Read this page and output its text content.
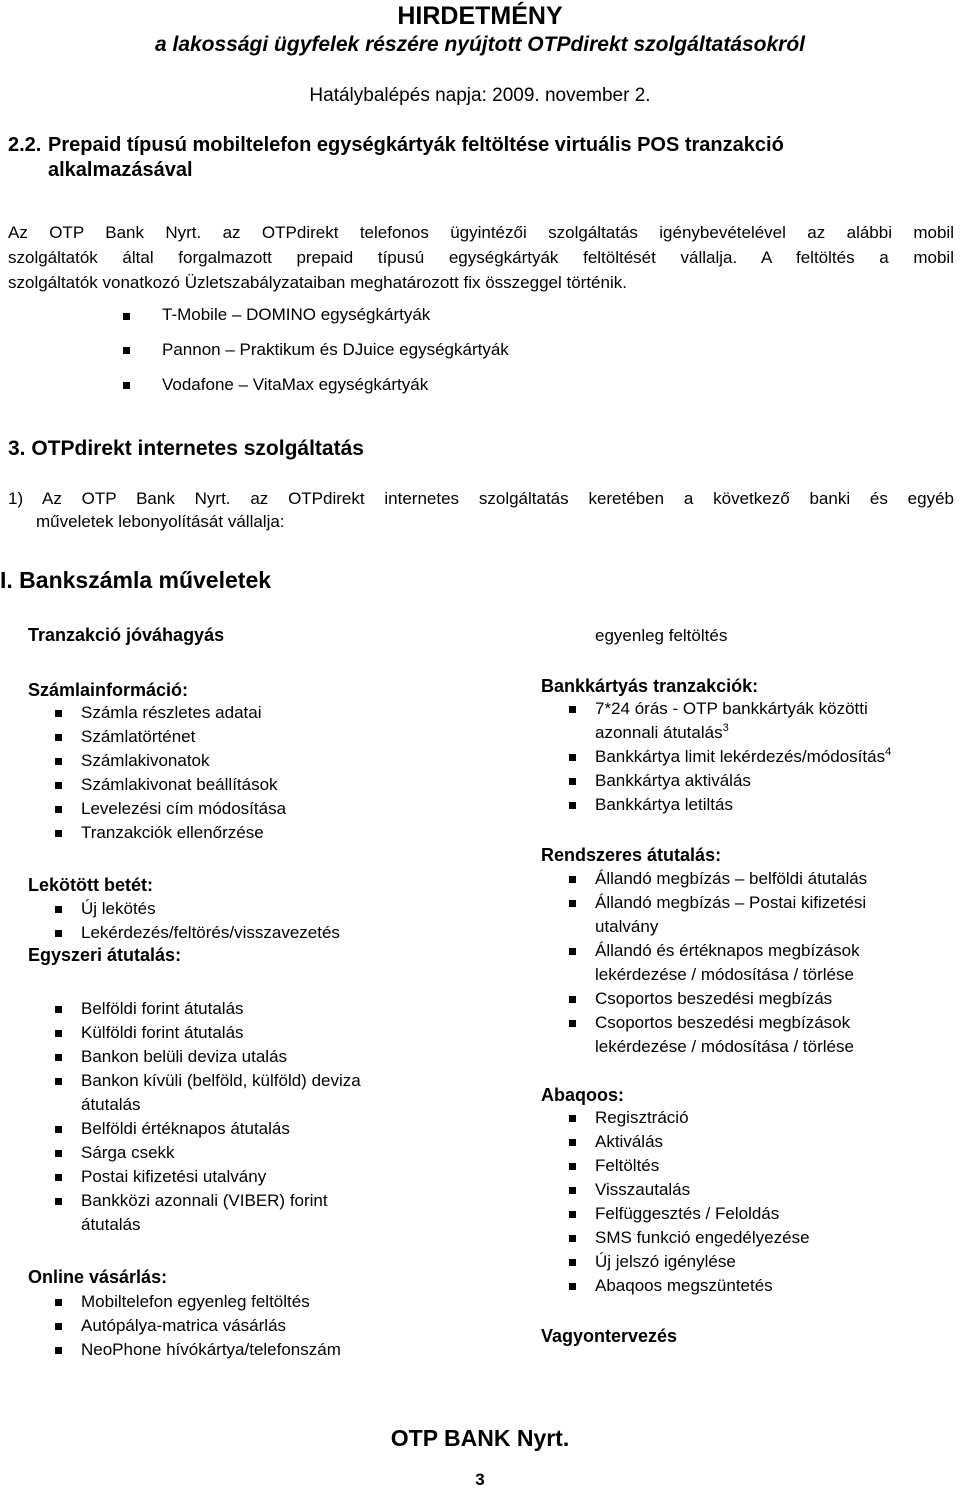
HIRDETMÉNY
a lakossági ügyfelek részére nyújtott OTPdirekt szolgáltatásokról
Hatálybalépés napja: 2009. november 2.
2.2. Prepaid típusú mobiltelefon egységkártyák feltöltése virtuális POS tranzakció
alkalmazásával
Az OTP Bank Nyrt. az OTPdirekt telefonos ügyintézői szolgáltatás igénybevételével az alábbi mobil
szolgáltatók által forgalmazott prepaid típusú egységkártyák feltöltését vállalja. A feltöltés a mobil
szolgáltatók vonatkozó Üzletszabályzataiban meghatározott fix összeggel történik.
T-Mobile – DOMINO egységkártyák
Pannon – Praktikum és DJuice egységkártyák
Vodafone – VitaMax egységkártyák
3. OTPdirekt internetes szolgáltatás
1) Az OTP Bank Nyrt. az OTPdirekt internetes szolgáltatás keretében a következő banki és egyéb
műveletek lebonyolítását vállalja:
I. Bankszámla műveletek
Tranzakció jóváhagyás
Számlainformáció:
Számla részletes adatai
Számlatörténet
Számlakivonatok
Számlakivonat beállítások
Levelezési cím módosítása
Tranzakciók ellenőrzése
Lekötött betét:
Új lekötés
Lekérdezés/feltörés/visszavezetés
Egyszeri átutalás:
Belföldi forint átutalás
Külföldi forint átutalás
Bankon belüli deviza utalás
Bankon kívüli (belföld, külföld) deviza
átutalás
Belföldi értéknapos átutalás
Sárga csekk
Postai kifizetési utalvány
Bankközi azonnali (VIBER) forint
átutalás
Online vásárlás:
Mobiltelefon egyenleg feltöltés
Autópálya-matrica vásárlás
NeoPhone hívókártya/telefonszám
egyenleg feltöltés
Bankkártyás tranzakciók:
7*24 órás - OTP bankkártyák közötti
azonnali átutalás$^3$
Bankkártya limit lekérdezés/módosítás$^4$
Bankkártya aktiválás
Bankkártya letiltás
Rendszeres átutalás:
Állandó megbízás – belföldi átutalás
Állandó megbízás – Postai kifizetési
utalvány
Állandó és értéknapos megbízások
lekérdezése / módosítása / törlése
Csoportos beszedési megbízás
Csoportos beszedési megbízások
lekérdezése / módosítása / törlése
Abaqoos:
Regisztráció
Aktiválás
Feltöltés
Visszautalás
Felfüggesztés / Feloldás
SMS funkció engedélyezése
Új jelszó igénylése
Abaqoos megszüntetés
Vagyontervezés
OTP BANK Nyrt.
3
